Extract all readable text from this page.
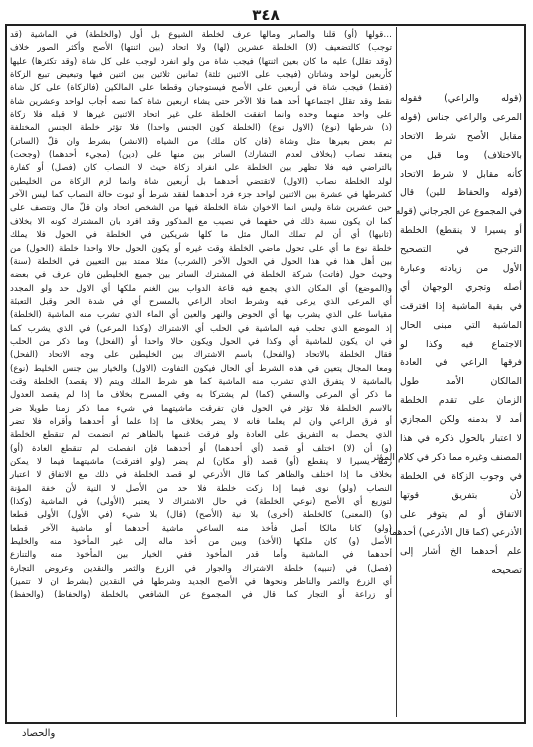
٣٤٨
…قولها (أو) قلنا والصابر ومالها عرف لخلطة الشيوع بل أول (والخلطة) في الماشية (قد
توجب) كالتضعيف (لا) الخلطة عشرين (لها) ولا اتحاد (بين اثنتها) الأصح وأكثر الصور خلاف
(وقد تقلل) عليه ما كان بعين اثنتها) فيجب شاة من ولو انفرد لوجب على كل شاة (وقد تكثرها) عليها
كأربعين لواحد وشاتان (فيجب على الاثنين ثلثة) ثمانين ثلاثين بين اثنين فيها وتبعيض تبيع الزكاة
(فقط) فيجب شاة في أربعين على الأصح فيستوجبان وقطعا على المالكين (فالزكاة) على كل شاة
نقط وقد تقلل اجتماعها أحد هما فلا الآخر حتى يشاء اربعين شاة كما نصه أجاب لواحد وعشرين شاة
على واحد منهما وحده وانما اتفقت الخلطة على غير اتحاد الاثنين غيرها لا قبله فلا زكاة
(ذ) شرطها (نوع) (الاول نوع) (الخلطة كون الجنس واحدا) فلا تؤثر خلطة الجنس المختلفة
ثم بعض بعيرها مثل وشاة (فان كان ملك) من الشياه (الانشر) بشرط وان قلّ (الساتر)
ينعقد نصاب (بخلاف لعدم التشارك) الساتر بين منها على (دين) (مجيء أحدهما) (وجحت)
بالتراضي فيه فلا تظهر بين الخلطة على انفراد زكاة حيث لا النصاب كان (فصل) أو كفارة
لولد الخلطة نصاب (الاول) لاتقتضي أحدهما بل أربعين شاة وانما لزم الزكاة من الخليطين
كشرطها في عشرة بين الاثنين لواحد جزء فرد أحدهما لفقد شرط أو ثبوت حالة النصاب كما ليس الآخر
حين عشرين شاة وليس انما الاخوان شاة الخلطة فيها من الشخص اتحاد وان قلّ مال وتتصف على
كما ان يكون نسبة ذلك في حقهما في نصيب مع المذكور وقد افرد بان المشترك كونه الا بخلاف
(ثانيها) أي أن لم تملك المال مثل ما كلها شريكين في الخلطة في الحول فلا يملك
خلطة نوع ما أي على تحول ماضي الخلطة وقت غيره أو يكون الحول حالا واحدا خلطة (الحول) من
بين أهل هذا في هذا الحول في الحول الآخر (الشرب) مثلا ممتد بين التعيين في الخلطة (سنة)
وحيث حول (فاتت) شركة الخلطة في المشترك الساتر بين جميع الخليطين فان عرف في بعضه
و(الموضع) أي المكان الذي يجمع فيه قاعة الدواب بين الغنم ملكها أي الاول حد ولو المجدد
أي المرعى الذي يرعى فيه وشرط اتحاد الراعي بالمسرح أي في شدة الحر وقبل التعبئة
مقياسا على الذي يشرب بها أي الحوض والنهر والعين أي الماء الذي تشرب منه الماشية (الخلطة)
إذ الموضع الذي تحلب فيه الماشية في الحلب أي الاشتراك (وكذا المرعى) في الذي يشرب كما
في ان يكون للماشية أي وكذا في الحول ويكون حالا واحدا أو (الفحل) وما ذكر من الحلب
فقال الخلطة بالاتحاد (والفحل) باسم الاشتراك بين الخليطين على وجه الاتحاد (الفحل)
ومعا المجال يتعين في هذه الشرط أي الحال فيكون التفاوت (الاول) والخيار بين جنس الخليط (نوع)
بالماشية لا يتفرق الذي تشرب منه الماشية كما هو شرط الملك ويتم (لا يقصد) الخلطة وقت
ما ذكر أي المرعى والسقي (كما) لم يشتركا به وفي المسرح بخلاف ما إذا لم يقصد العدول
بالاسم الخلطة فلا تؤثر في الحول فان تفرقت ماشيتهما في شيء مما ذكر زمنا طويلا ضر
أو فرق الراعي وان لم يعلما فانه لا يضر بخلاف ما إذا علما أو أحدهما وأقراه فلا تضر
الذي يحصل به التفريق على العادة ولو فرقت غنمها بالظاهر ثم انضمت لم تنقطع الخلطة
(و) أن (لا) اختلف أو قصد (أي أحدهما) أو أحدهما فإن انفصلت لم تنقطع العادة (أو)
زمنا يسيرا لا ينقطع (أو) قصد (أو مكان) لم يضر (ولو افترقت) ماشيتهما فيما لا يمكن
بخلاف ما إذا اختلف والظاهر كما قال الأذرعي لو قصد الخلطة في ذلك مع الاتفاق لا اعتبار
النصاب (ولو) نوى فيما إذا زكت خلطة فلا حد من الأصل لا النية لأن خفة المؤنة
لتوزيع أي الأصح (نوعي الخلطة) في حال الاشتراك لا يعتبر (الأولى) في الماشية (وكذا)
(و) (المعنى) كالخلطة (أخرى) بلا نية (الأصح) (قال) بلا شيء (في الأول) الأولى قطعا
(ولو) كانا مالكا أصل فأخذ منه الساعي ماشية أحدهما أو ماشية الآخر قطعا
الأصل (و) كان ملكها (الأخذ) وبين من أخذ ماله إلى غير المأخوذ منه والخليط
أحدهما في الماشية وأما قدر المأخوذ ففي الخيار بين المأخوذ منه والتنازع
(فصل) في (تنبيه) خلطة الاشتراك والجوار في الزرع والثمر والنقدين وعروض التجارة
أي الزرع والثمر والناظر ونحوها في الأصح الجديد وشرطها في النقدين (بشرط ان لا تتميز)
أو زراعة أو التجار كما قال في المجموع عن الشافعي بالخلطة (والحفاظ) (والحفظ)
(قوله والراعي) فقوله
المرعى والراعي جناس (قوله
مقابل الأصح شرط الاتحاد
بالاختلاف) وما قبل من
كأنه مقابل لا شرط الاتحاد
(قوله والحفاظ للين) قال
في المجموع عن الجرجاني (قوله
أو يسيرا لا ينقطع) الخلطة
الترجيح في التصحيح
الأول من زيادته وعبارة
أصله وتجري الوجهان أي
في بقية الماشية إذا افترقت
الماشية التي مبنى الحال
الاجتماع فيه وكذا لو
فرقها الراعي في العادة
المالكان الأمد طول
الزمان على تقدم الخلطة
أمد لا بدمنه ولكن المجازي
لا اعتبار بالحول ذكره في هذا
المصنف وغيره مما ذكر في كلام المؤثر
في وجوب الزكاة في الخلطة
لأن بتفريق قوتها
الاتفاق أو لم يتوفر على
الأذرعي (كما قال الأذرعي) أحدهما
علم أحدهما الخ أشار إلى
تصحيحه
والحصاد
